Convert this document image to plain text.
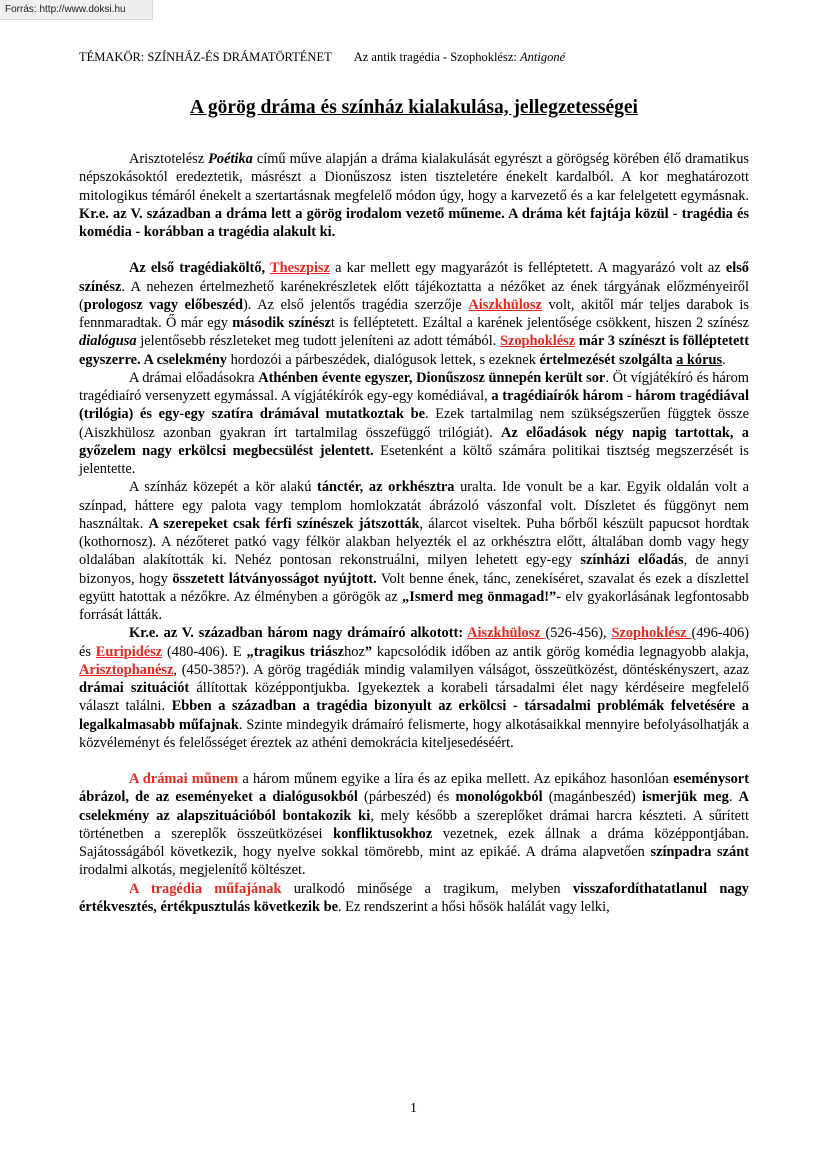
Forrás: http://www.doksi.hu
TÉMAKÖR: SZÍNHÁZ-ÉS DRÁMATÖRTÉNET Az antik tragédia - Szophoklész: Antigoné
A görög dráma és színház kialakulása, jellegzetességei

Arisztotelész Poétika című műve alapján a dráma kialakulását egyrészt a görögség körében élő dramatikus népszokásoktól eredeztetik, másrészt a Dionűszosz isten tiszteletére énekelt kardalból. A kor meghatározott mitologikus témáról énekelt a szertartásnak megfelelő módon úgy, hogy a karvezető és a kar felelgetett egymásnak. Kr.e. az V. században a dráma lett a görög irodalom vezető műneme. A dráma két fajtája közül - tragédia és komédia - korábban a tragédia alakult ki.

Az első tragédiaköltő, Theszpisz a kar mellett egy magyarázót is felléptetett. A magyarázó volt az első színész. A nehezen értelmezhető karénekrészletek előtt tájékoztatta a nézőket az ének tárgyának előzményeiről (prologosz vagy előbeszéd). Az első jelentős tragédia szerzője Aiszkhülosz volt, akitől már teljes darabok is fennmaradtak. Ő már egy második színészt is felléptetett. Ezáltal a karének jelentősége csökkent, hiszen 2 színész dialógusa jelentősebb részleteket meg tudott jeleníteni az adott témából. Szophoklész már 3 színészt is fölléptetett egyszerre. A cselekmény hordozói a párbeszédek, dialógusok lettek, s ezeknek értelmezését szolgálta a kórus.

A drámai előadásokra Athénben évente egyszer, Dionűszosz ünnepén került sor. Öt vígjátékíró és három tragédiaíró versenyzett egymással. A vígjátékírók egy-egy komédiával, a tragédiaírók három - három tragédiával (trilógia) és egy-egy szatíra drámával mutatkoztak be. Ezek tartalmilag nem szükségszerűen függtek össze (Aiszkhülosz azonban gyakran írt tartalmilag összefüggő trilógiát). Az előadások négy napig tartottak, a győzelem nagy erkölcsi megbecsülést jelentett. Esetenként a költő számára politikai tisztség megszerzését is jelentette.

A színház közepét a kör alakú tánctér, az orkhésztra uralta. Ide vonult be a kar. Egyik oldalán volt a színpad, háttere egy palota vagy templom homlokzatát ábrázoló vászonfal volt. Díszletet és függönyt nem használtak. A szerepeket csak férfi színészek játszották, álarcot viseltek. Puha bőrből készült papucsot hordtak (kothornosz). A nézőteret patkó vagy félkör alakban helyezték el az orkhésztra előtt, általában domb vagy hegy oldalában alakították ki. Nehéz pontosan rekonstruálni, milyen lehetett egy-egy színházi előadás, de annyi bizonyos, hogy összetett látványosságot nyújtott. Volt benne ének, tánc, zenekíséret, szavalat és ezek a díszlettel együtt hatottak a nézőkre. Az élményben a görögök az „Ismerd meg önmagad!”- elv gyakorlásának legfontosabb forrását látták.

Kr.e. az V. században három nagy drámaíró alkotott: Aiszkhülosz (526-456), Szophoklész (496-406) és Euripidész (480-406). E „tragikus triászhoz” kapcsolódik időben az antik görög komédia legnagyobb alakja, Arisztophanész, (450-385?). A görög tragédiák mindig valamilyen válságot, összeütközést, döntéskényszert, azaz drámai szituációt állítottak középpontjukba. Igyekeztek a korabeli társadalmi élet nagy kérdéseire megfelelő választ találni. Ebben a században a tragédia bizonyult az erkölcsi - társadalmi problémák felvetésére a legalkalmasabb műfajnak. Szinte mindegyik drámaíró felismerte, hogy alkotásaikkal mennyire befolyásolhatják a közvéleményt és felelősséget éreztek az athéni demokrácia kiteljesedéséért.

A drámai műnem a három műnem egyike a líra és az epika mellett. Az epikához hasonlóan eseménysort ábrázol, de az eseményeket a dialógusokból (párbeszéd) és monológokból (magánbeszéd) ismerjük meg. A cselekmény az alapszituációból bontakozik ki, mely később a szereplőket drámai harcra készteti. A sűrített történetben a szereplők összeütközései konfliktusokhoz vezetnek, ezek állnak a dráma középpontjában. Sajátosságából következik, hogy nyelve sokkal tömörebb, mint az epikáé. A dráma alapvetően színpadra szánt irodalmi alkotás, megjelenítő költészet.

A tragédia műfajának uralkodó minősége a tragikum, melyben visszafordíthatatlanul nagy értékvesztés, értékpusztulás következik be. Ez rendszerint a hősi hősök halálát vagy lelki,

1
